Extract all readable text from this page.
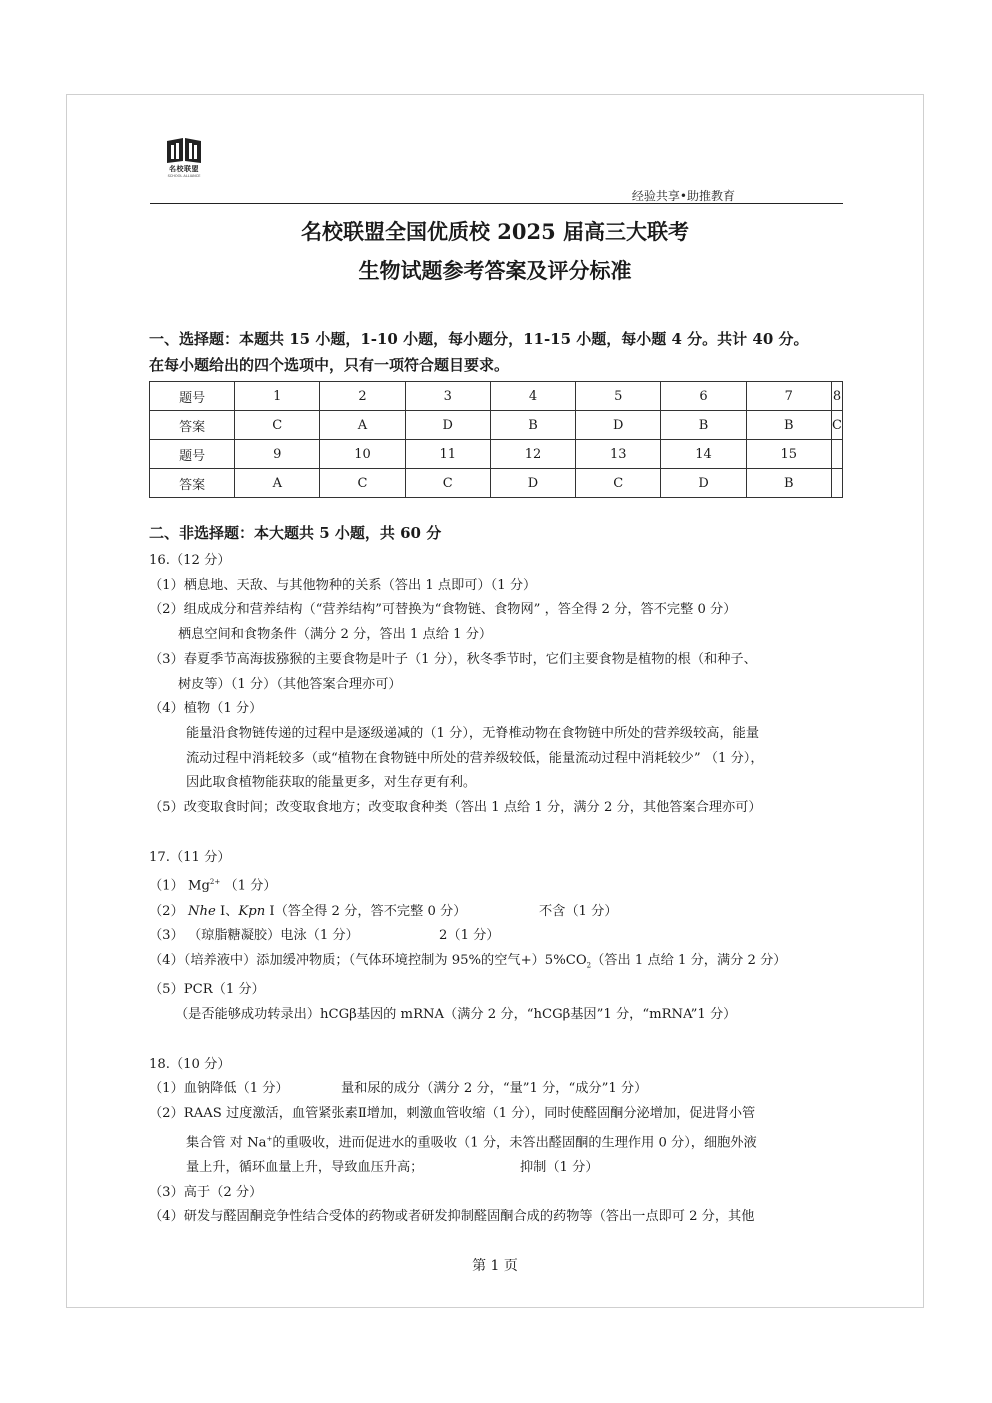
名校联盟
SCHOOL ALLIANCE
经验共享•助推教育
名校联盟全国优质校 2025 届高三大联考
生物试题参考答案及评分标准
一、选择题：本题共 15 小题，1-10 小题，每小题分，11-15 小题，每小题 4 分。共计 40 分。
在每小题给出的四个选项中，只有一项符合题目要求。
题号	1	2	3	4	5	6	7	8
答案	C	A	D	B	D	B	B	C
题号	9	10	11	12	13	14	15	
答案	A	C	C	D	C	D	B	
二、非选择题：本大题共 5 小题，共 60 分
16.（12 分）
（1）栖息地、天敌、与其他物种的关系（答出 1 点即可）（1 分）
（2）组成成分和营养结构（“营养结构”可替换为“食物链、食物网” ，答全得 2 分，答不完整 0 分）
栖息空间和食物条件（满分 2 分，答出 1 点给 1 分）
（3）春夏季节高海拔猕猴的主要食物是叶子（1 分），秋冬季节时，它们主要食物是植物的根（和种子、
树皮等）（1 分）（其他答案合理亦可）
（4）植物（1 分）
能量沿食物链传递的过程中是逐级递减的（1 分），无脊椎动物在食物链中所处的营养级较高，能量
流动过程中消耗较多（或“植物在食物链中所处的营养级较低，能量流动过程中消耗较少” （1 分），
因此取食植物能获取的能量更多，对生存更有利。
（5）改变取食时间；改变取食地方；改变取食种类（答出 1 点给 1 分，满分 2 分，其他答案合理亦可）
17.（11 分）
（1） $Mg^{2+}$ （1 分）
（2） Nhe Ⅰ、Kpn Ⅰ（答全得 2 分，答不完整 0 分）	不含（1 分）
（3） （琼脂糖凝胶）电泳（1 分）	2（1 分）
（4）（培养液中）添加缓冲物质；（气体环境控制为 95%的空气$+)5\%CO_2$（答出 1 点给 1 分，满分 2 分）
（5）PCR（1 分）
（是否能够成功转录出）hCGβ基因的 mRNA（满分 2 分，“hCGβ基因”1 分，“mRNA”1 分）
18.（10 分）
（1）血钠降低（1 分）	量和尿的成分（满分 2 分，“量”1 分，“成分”1 分）
（2）RAAS 过度激活，血管紧张素Ⅱ增加，刺激血管收缩（1 分），同时使醛固酮分泌增加，促进肾小管
集合管 对 Na+的重吸收，进而促进水的重吸收（1 分，未答出醛固酮的生理作用 0 分），细胞外液
量上升，循环血量上升，导致血压升高；	抑制（1 分）
（3）高于（2 分）
（4）研发与醛固酮竞争性结合受体的药物或者研发抑制醛固酮合成的药物等（答出一点即可 2 分，其他
第 1 页
